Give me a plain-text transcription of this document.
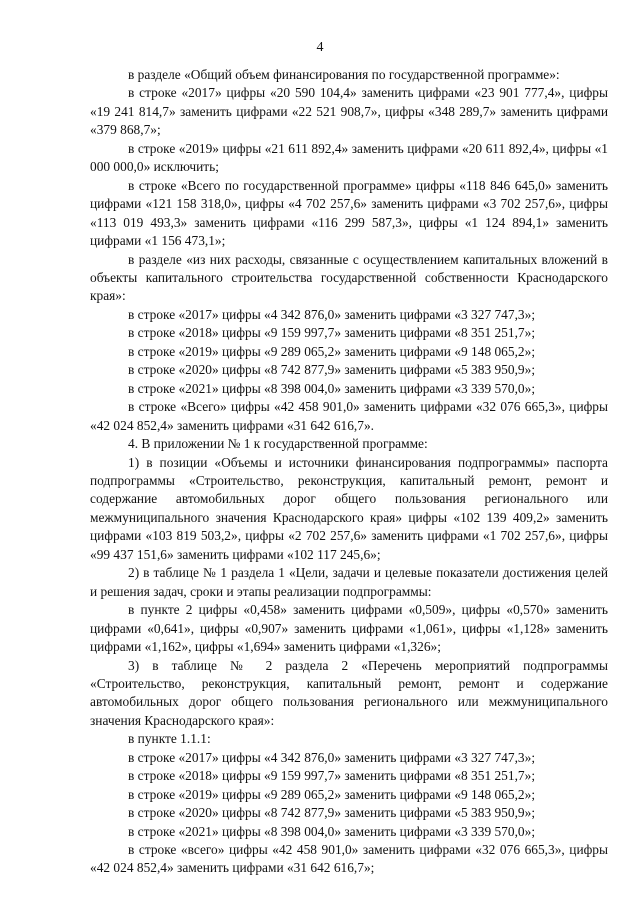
4

в разделе «Общий объем финансирования по государственной программе»:

в строке «2017» цифры «20 590 104,4» заменить цифрами «23 901 777,4», цифры «19 241 814,7» заменить цифрами «22 521 908,7», цифры «348 289,7» заменить цифрами «379 868,7»;

в строке «2019» цифры «21 611 892,4» заменить цифрами «20 611 892,4», цифры «1 000 000,0» исключить;

в строке «Всего по государственной программе» цифры «118 846 645,0» заменить цифрами «121 158 318,0», цифры «4 702 257,6» заменить цифрами «3 702 257,6», цифры «113 019 493,3» заменить цифрами «116 299 587,3», цифры «1 124 894,1» заменить цифрами «1 156 473,1»;

в разделе «из них расходы, связанные с осуществлением капитальных вложений в объекты капитального строительства государственной собственности Краснодарского края»:

в строке «2017» цифры «4 342 876,0» заменить цифрами «3 327 747,3»;

в строке «2018» цифры «9 159 997,7» заменить цифрами «8 351 251,7»;

в строке «2019» цифры «9 289 065,2» заменить цифрами «9 148 065,2»;

в строке «2020» цифры «8 742 877,9» заменить цифрами «5 383 950,9»;

в строке «2021» цифры «8 398 004,0» заменить цифрами «3 339 570,0»;

в строке «Всего» цифры «42 458 901,0» заменить цифрами «32 076 665,3», цифры «42 024 852,4» заменить цифрами «31 642 616,7».

4. В приложении № 1 к государственной программе:

1) в позиции «Объемы и источники финансирования подпрограммы» паспорта подпрограммы «Строительство, реконструкция, капитальный ремонт, ремонт и содержание автомобильных дорог общего пользования регионального или межмуниципального значения Краснодарского края» цифры «102 139 409,2» заменить цифрами «103 819 503,2», цифры «2 702 257,6» заменить цифрами «1 702 257,6», цифры «99 437 151,6» заменить цифрами «102 117 245,6»;

2) в таблице № 1 раздела 1 «Цели, задачи и целевые показатели достижения целей и решения задач, сроки и этапы реализации подпрограммы:

в пункте 2 цифры «0,458» заменить цифрами «0,509», цифры «0,570» заменить цифрами «0,641», цифры «0,907» заменить цифрами «1,061», цифры «1,128» заменить цифрами «1,162», цифры «1,694» заменить цифрами «1,326»;

3) в таблице № 2 раздела 2 «Перечень мероприятий подпрограммы «Строительство, реконструкция, капитальный ремонт, ремонт и содержание автомобильных дорог общего пользования регионального или межмуниципального значения Краснодарского края»:

в пункте 1.1.1:

в строке «2017» цифры «4 342 876,0» заменить цифрами «3 327 747,3»;

в строке «2018» цифры «9 159 997,7» заменить цифрами «8 351 251,7»;

в строке «2019» цифры «9 289 065,2» заменить цифрами «9 148 065,2»;

в строке «2020» цифры «8 742 877,9» заменить цифрами «5 383 950,9»;

в строке «2021» цифры «8 398 004,0» заменить цифрами «3 339 570,0»;

в строке «всего» цифры «42 458 901,0» заменить цифрами «32 076 665,3», цифры «42 024 852,4» заменить цифрами «31 642 616,7»;
